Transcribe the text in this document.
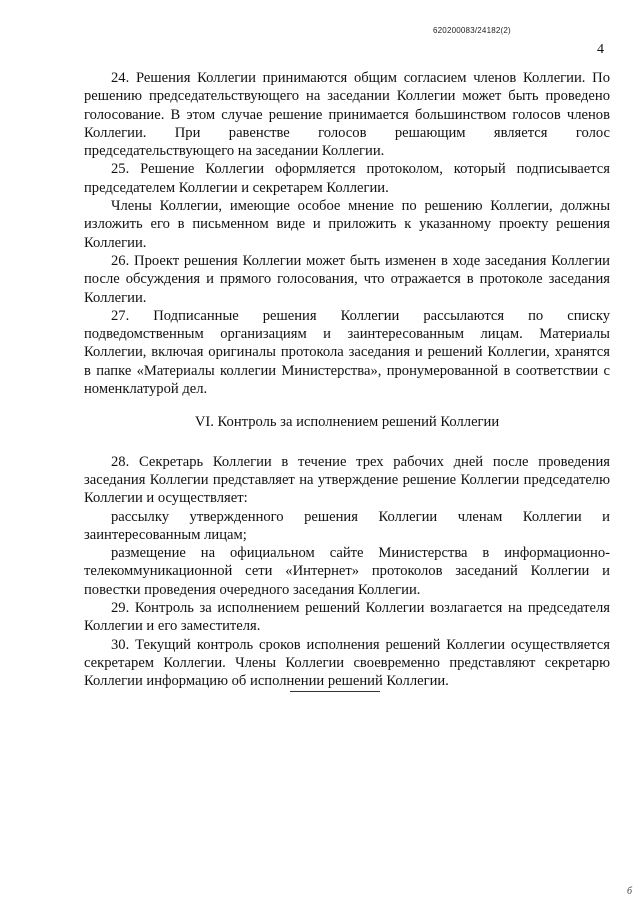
620200083/24182(2)
4

24. Решения Коллегии принимаются общим согласием членов Коллегии. По решению председательствующего на заседании Коллегии может быть проведено голосование. В этом случае решение принимается большинством голосов членов Коллегии. При равенстве голосов решающим является голос председательствующего на заседании Коллегии.

25. Решение Коллегии оформляется протоколом, который подписывается председателем Коллегии и секретарем Коллегии.

Члены Коллегии, имеющие особое мнение по решению Коллегии, должны изложить его в письменном виде и приложить к указанному проекту решения Коллегии.

26. Проект решения Коллегии может быть изменен в ходе заседания Коллегии после обсуждения и прямого голосования, что отражается в протоколе заседания Коллегии.

27. Подписанные решения Коллегии рассылаются по списку подведомственным организациям и заинтересованным лицам. Материалы Коллегии, включая оригиналы протокола заседания и решений Коллегии, хранятся в папке «Материалы коллегии Министерства», пронумерованной в соответствии с номенклатурой дел.

VI. Контроль за исполнением решений Коллегии

28. Секретарь Коллегии в течение трех рабочих дней после проведения заседания Коллегии представляет на утверждение решение Коллегии председателю Коллегии и осуществляет:

рассылку утвержденного решения Коллегии членам Коллегии и заинтересованным лицам;

размещение на официальном сайте Министерства в информационно-телекоммуникационной сети «Интернет» протоколов заседаний Коллегии и повестки проведения очередного заседания Коллегии.

29. Контроль за исполнением решений Коллегии возлагается на председателя Коллегии и его заместителя.

30. Текущий контроль сроков исполнения решений Коллегии осуществляется секретарем Коллегии. Члены Коллегии своевременно представляют секретарю Коллегии информацию об исполнении решений Коллегии.

б
